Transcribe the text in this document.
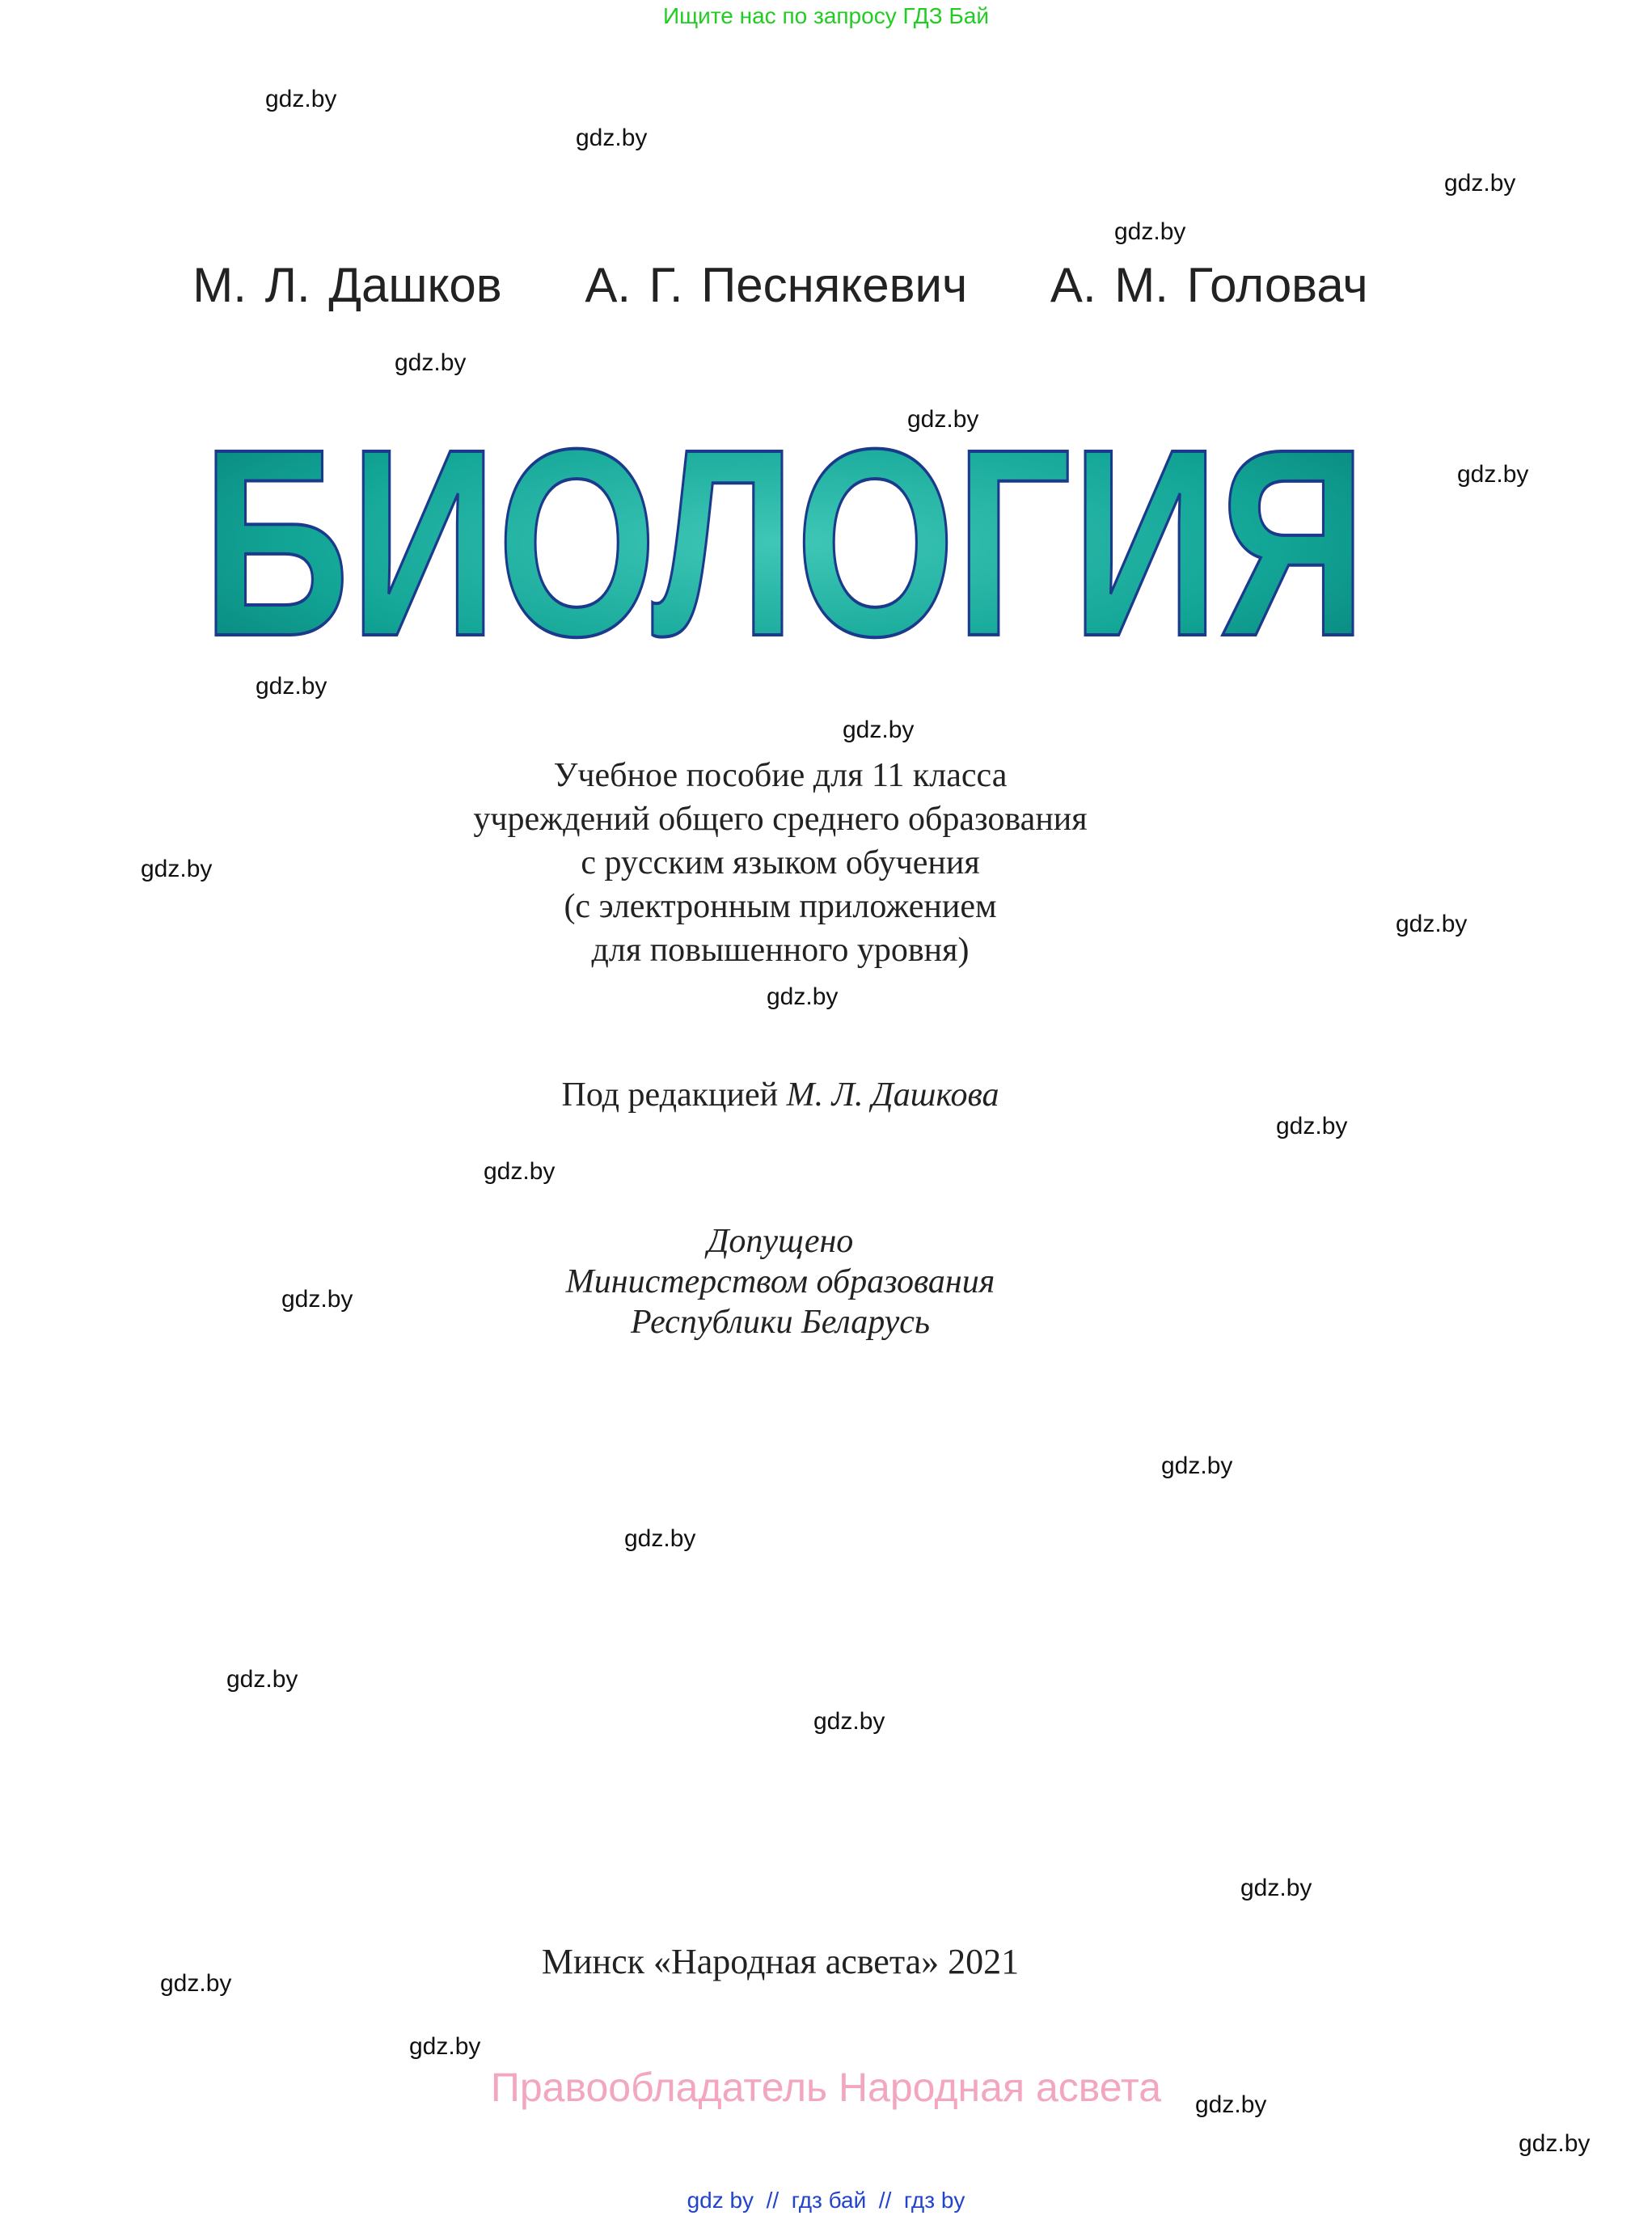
Ищите нас по запросу ГДЗ Бай
М. Л. Дашков А. Г. Песнякевич А. М. Головач
БИОЛОГИЯ
Учебное пособие для 11 класса
учреждений общего среднего образования
с русским языком обучения
(с электронным приложением
для повышенного уровня)
Под редакцией М. Л. Дашкова
Допущено
Министерством образования
Республики Беларусь
Минск «Народная асвета» 2021
Правообладатель Народная асвета
gdz by  //  гдз бай  //  гдз by
gdz.by
gdz.by
gdz.by
gdz.by
gdz.by
gdz.by
gdz.by
gdz.by
gdz.by
gdz.by
gdz.by
gdz.by
gdz.by
gdz.by
gdz.by
gdz.by
gdz.by
gdz.by
gdz.by
gdz.by
gdz.by
gdz.by
gdz.by
gdz.by
